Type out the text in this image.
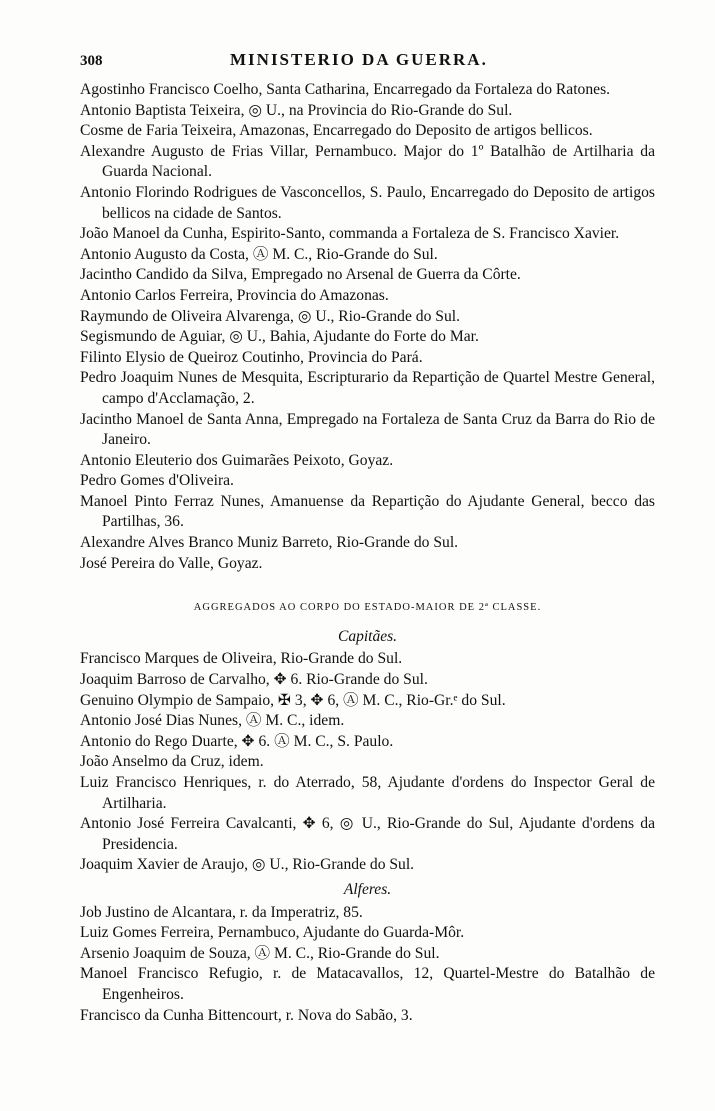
308	MINISTERIO DA GUERRA.

Agostinho Francisco Coelho, Santa Catharina, Encarregado da Fortaleza do Ratones.

Antonio Baptista Teixeira, ◎ U., na Provincia do Rio-Grande do Sul.

Cosme de Faria Teixeira, Amazonas, Encarregado do Deposito de artigos bellicos.

Alexandre Augusto de Frias Villar, Pernambuco. Major do 1º Batalhão de Artilharia da Guarda Nacional.

Antonio Florindo Rodrigues de Vasconcellos, S. Paulo, Encarregado do Deposito de artigos bellicos na cidade de Santos.

João Manoel da Cunha, Espirito-Santo, commanda a Fortaleza de S. Francisco Xavier.

Antonio Augusto da Costa, Ⓐ M. C., Rio-Grande do Sul.

Jacintho Candido da Silva, Empregado no Arsenal de Guerra da Côrte.

Antonio Carlos Ferreira, Provincia do Amazonas.

Raymundo de Oliveira Alvarenga, ◎ U., Rio-Grande do Sul.

Segismundo de Aguiar, ◎ U., Bahia, Ajudante do Forte do Mar.

Filinto Elysio de Queiroz Coutinho, Provincia do Pará.

Pedro Joaquim Nunes de Mesquita, Escripturario da Repartição de Quartel Mestre General, campo d'Acclamação, 2.

Jacintho Manoel de Santa Anna, Empregado na Fortaleza de Santa Cruz da Barra do Rio de Janeiro.

Antonio Eleuterio dos Guimarães Peixoto, Goyaz.

Pedro Gomes d'Oliveira.

Manoel Pinto Ferraz Nunes, Amanuense da Repartição do Ajudante General, becco das Partilhas, 36.

Alexandre Alves Branco Muniz Barreto, Rio-Grande do Sul.

José Pereira do Valle, Goyaz.

AGGREGADOS AO CORPO DO ESTADO-MAIOR DE 2ª CLASSE.
Capitães.

Francisco Marques de Oliveira, Rio-Grande do Sul.

Joaquim Barroso de Carvalho, ✥ 6. Rio-Grande do Sul.

Genuino Olympio de Sampaio, ✠ 3, ✥ 6, Ⓐ M. C., Rio-Gr.ᵉ do Sul.

Antonio José Dias Nunes, Ⓐ M. C., idem.

Antonio do Rego Duarte, ✥ 6. Ⓐ M. C., S. Paulo.

João Anselmo da Cruz, idem.

Luiz Francisco Henriques, r. do Aterrado, 58, Ajudante d'ordens do Inspector Geral de Artilharia.

Antonio José Ferreira Cavalcanti, ✥ 6, ◎ U., Rio-Grande do Sul, Ajudante d'ordens da Presidencia.

Joaquim Xavier de Araujo, ◎ U., Rio-Grande do Sul.

Alferes.

Job Justino de Alcantara, r. da Imperatriz, 85.

Luiz Gomes Ferreira, Pernambuco, Ajudante do Guarda-Môr.

Arsenio Joaquim de Souza, Ⓐ M. C., Rio-Grande do Sul.

Manoel Francisco Refugio, r. de Matacavallos, 12, Quartel-Mestre do Batalhão de Engenheiros.

Francisco da Cunha Bittencourt, r. Nova do Sabão, 3.
